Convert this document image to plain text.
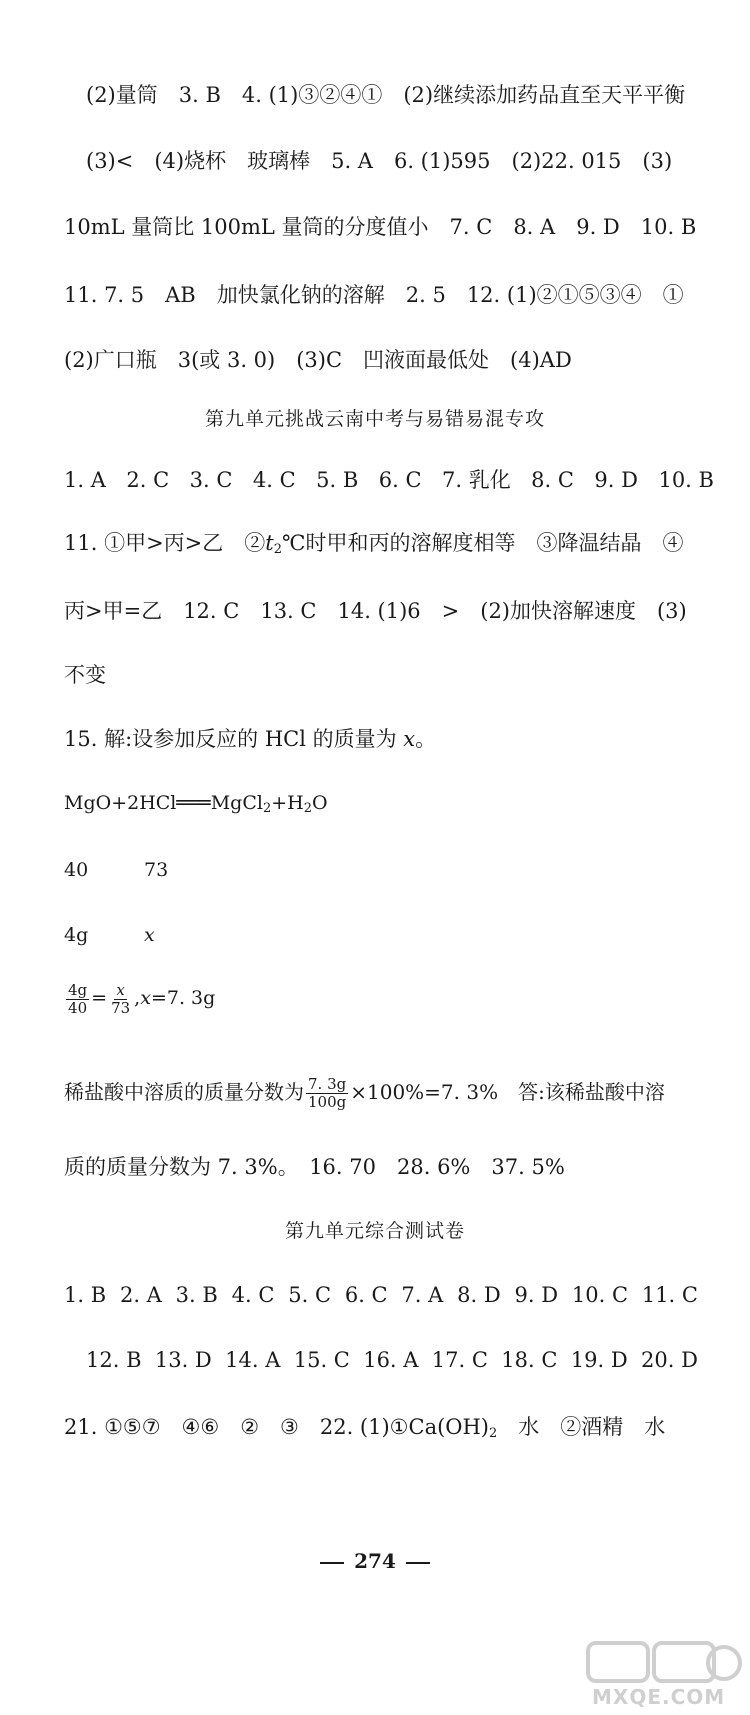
(2)量筒　3. B　4. (1)③②④①　(2)继续添加药品直至天平平衡
(3)<　(4)烧杯　玻璃棒　5. A　6. (1)595　(2)22. 015　(3)
10mL 量筒比 100mL 量筒的分度值小　7. C　8. A　9. D　10. B
11. 7. 5　AB　加快氯化钠的溶解　2. 5　12. (1)②①⑤③④　①
(2)广口瓶　3(或 3. 0)　(3)C　凹液面最低处　(4)AD
第九单元挑战云南中考与易错易混专攻
1. A 2. C 3. C 4. C 5. B 6. C 7. 乳化 8. C 9. D 10. B
11. ①甲>丙>乙　$②t_2℃$时甲和丙的溶解度相等　③降温结晶　④
丙>甲=乙　12. C　13. C　14. (1)6　>　(2)加快溶解速度　(3)
不变
15. 解:设参加反应的 HCl 的质量为 x。
$MgO+2HCl═══MgCl_2+H_2O$
40	73
4g	x
$\frac{4g}{40} = \frac{x}{73} ,x=7$. 3g
稀盐酸中溶质的质量分数为 $\frac{7. 3g}{100g} \times 100\%=7$. 3%　答:该稀盐酸中溶
质的质量分数为 7. 3%。　16. 70　28. 6%　37. 5%
第九单元综合测试卷
1. B 2. A 3. B 4. C 5. C 6. C 7. A 8. D 9. D 10. C 11. C
12. B 13. D 14. A 15. C 16. A 17. C 18. C 19. D 20. D
21. ①⑤⑦　④⑥　②　③　22. $(1)①Ca(OH)_2$　水　②酒精　水
274
MXQE.COM
